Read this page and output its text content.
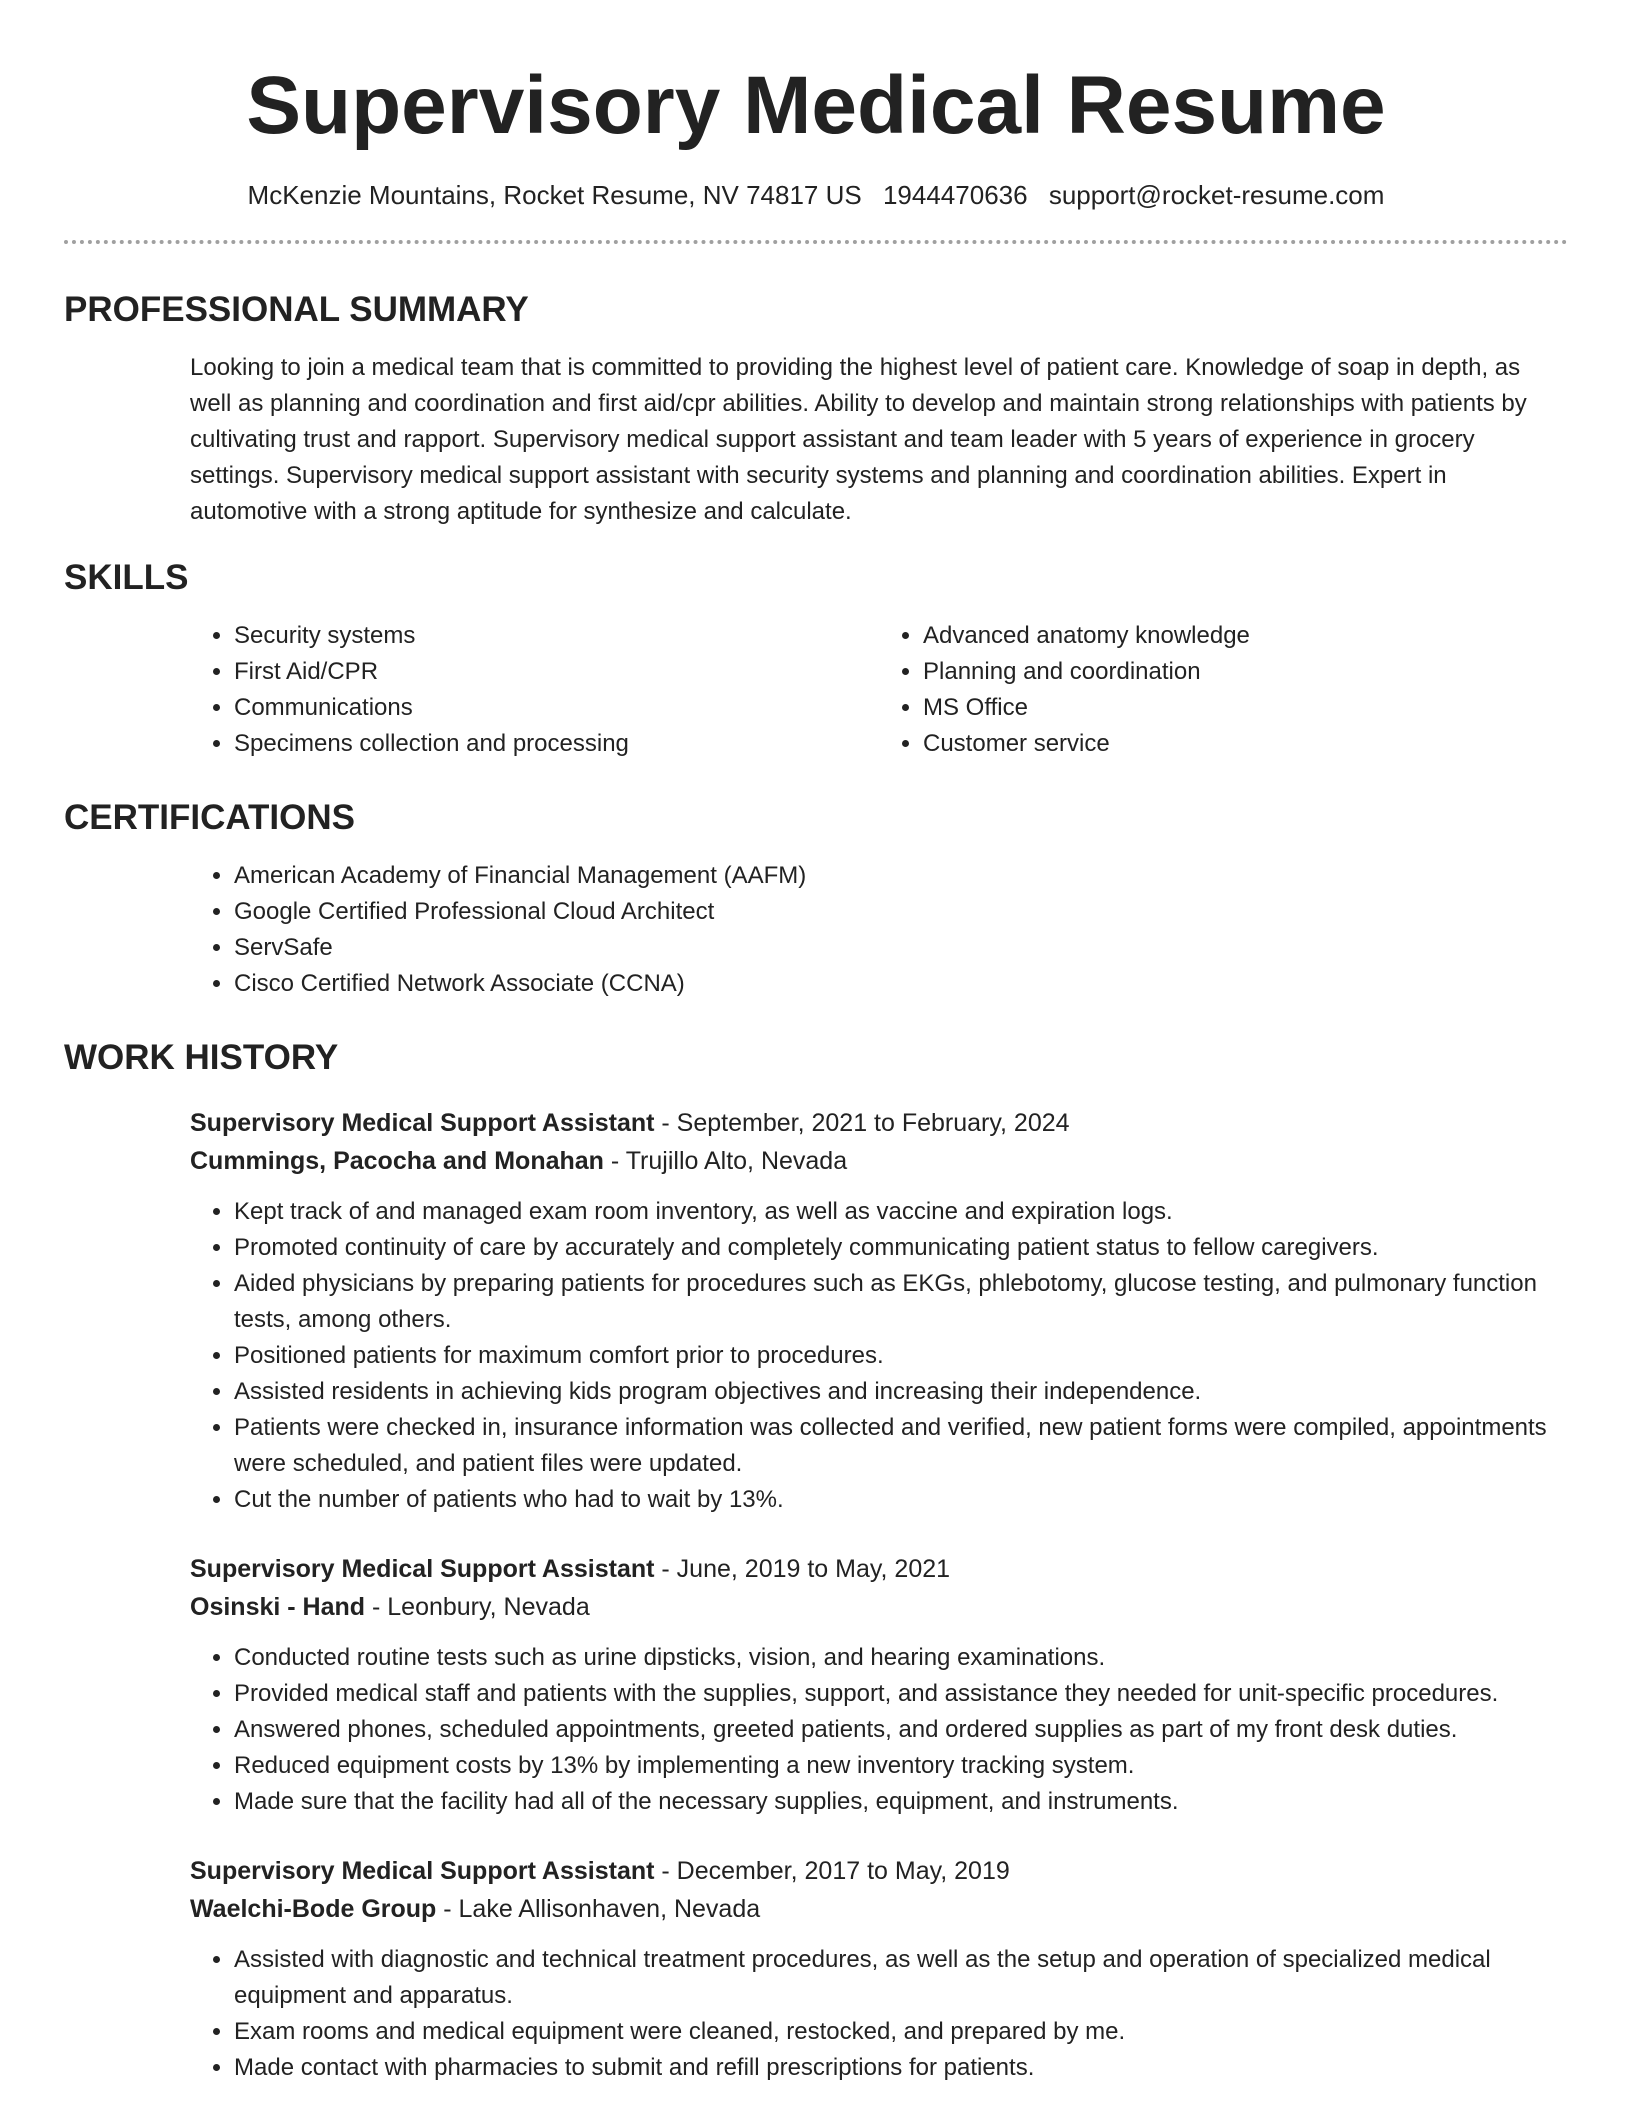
Supervisory Medical Resume
McKenzie Mountains, Rocket Resume, NV 74817 US 1944470636 support@rocket-resume.com
PROFESSIONAL SUMMARY

Looking to join a medical team that is committed to providing the highest level of patient care. Knowledge of soap in depth, as well as planning and coordination and first aid/cpr abilities. Ability to develop and maintain strong relationships with patients by cultivating trust and rapport. Supervisory medical support assistant and team leader with 5 years of experience in grocery settings. Supervisory medical support assistant with security systems and planning and coordination abilities. Expert in automotive with a strong aptitude for synthesize and calculate.

SKILLS
• Security systems
• First Aid/CPR
• Communications
• Specimens collection and processing
• Advanced anatomy knowledge
• Planning and coordination
• MS Office
• Customer service
CERTIFICATIONS
• American Academy of Financial Management (AAFM)
• Google Certified Professional Cloud Architect
• ServSafe
• Cisco Certified Network Associate (CCNA)
WORK HISTORY
Supervisory Medical Support Assistant - September, 2021 to February, 2024
Cummings, Pacocha and Monahan - Trujillo Alto, Nevada
• Kept track of and managed exam room inventory, as well as vaccine and expiration logs.
• Promoted continuity of care by accurately and completely communicating patient status to fellow caregivers.
• Aided physicians by preparing patients for procedures such as EKGs, phlebotomy, glucose testing, and pulmonary function tests, among others.
• Positioned patients for maximum comfort prior to procedures.
• Assisted residents in achieving kids program objectives and increasing their independence.
• Patients were checked in, insurance information was collected and verified, new patient forms were compiled, appointments were scheduled, and patient files were updated.
• Cut the number of patients who had to wait by 13%.
Supervisory Medical Support Assistant - June, 2019 to May, 2021
Osinski - Hand - Leonbury, Nevada
• Conducted routine tests such as urine dipsticks, vision, and hearing examinations.
• Provided medical staff and patients with the supplies, support, and assistance they needed for unit-specific procedures.
• Answered phones, scheduled appointments, greeted patients, and ordered supplies as part of my front desk duties.
• Reduced equipment costs by 13% by implementing a new inventory tracking system.
• Made sure that the facility had all of the necessary supplies, equipment, and instruments.
Supervisory Medical Support Assistant - December, 2017 to May, 2019
Waelchi-Bode Group - Lake Allisonhaven, Nevada
• Assisted with diagnostic and technical treatment procedures, as well as the setup and operation of specialized medical equipment and apparatus.
• Exam rooms and medical equipment were cleaned, restocked, and prepared by me.
• Made contact with pharmacies to submit and refill prescriptions for patients.
